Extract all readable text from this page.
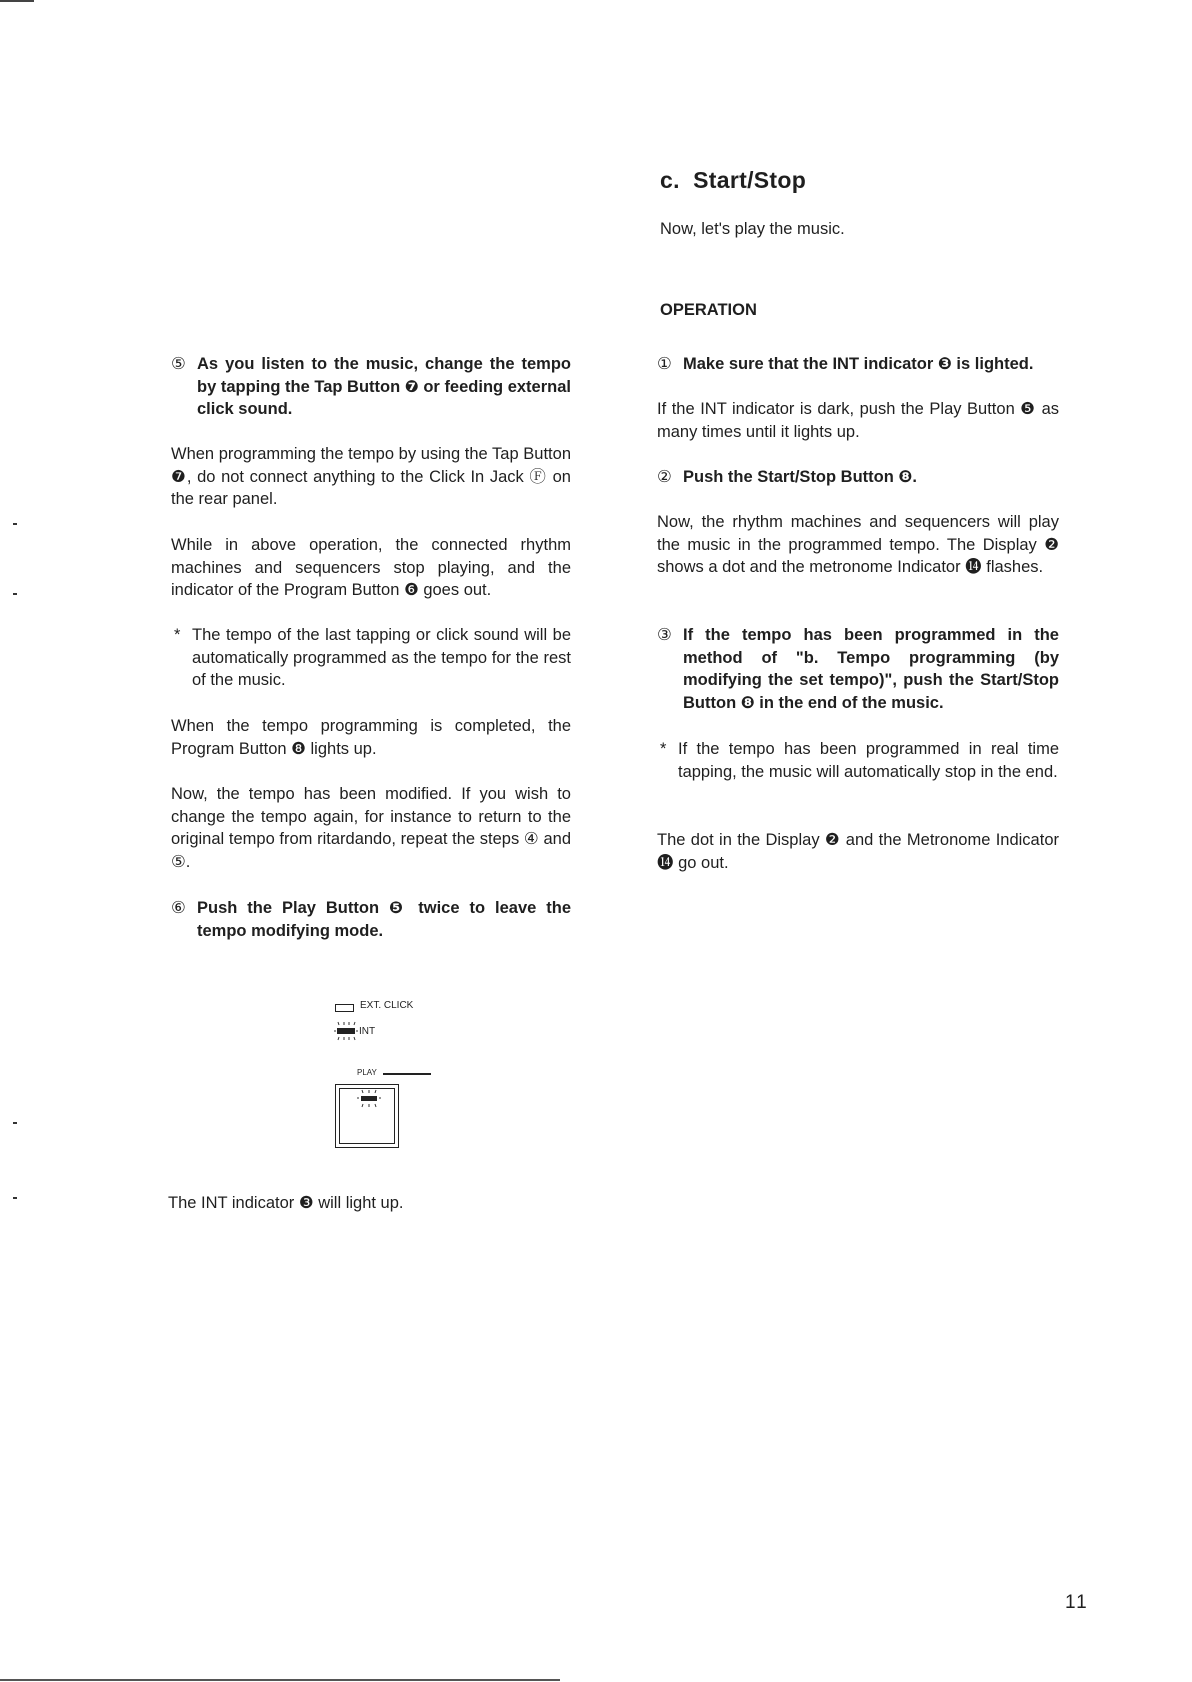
⑤ As you listen to the music, change the tempo by tapping the Tap Button ❼ or feeding external click sound.

When programming the tempo by using the Tap Button ❼, do not connect anything to the Click In Jack Ⓕ on the rear panel.

While in above operation, the connected rhythm machines and sequencers stop playing, and the indicator of the Program Button ❻ goes out.

* The tempo of the last tapping or click sound will be automatically programmed as the tempo for the rest of the music.

When the tempo programming is completed, the Program Button ❽ lights up.

Now, the tempo has been modified. If you wish to change the tempo again, for instance to return to the original tempo from ritardando, repeat the steps ④ and ⑤.

⑥ Push the Play Button ❺ twice to leave the tempo modifying mode.
EXT. CLICK
INT
PLAY

The INT indicator ❸ will light up.

c.  Start/Stop

Now, let's play the music.

OPERATION
① Make sure that the INT indicator ❸ is lighted.

If the INT indicator is dark, push the Play Button ❺ as many times until it lights up.

② Push the Start/Stop Button ❽.

Now, the rhythm machines and sequencers will play the music in the programmed tempo. The Display ❷ shows a dot and the metronome Indicator ⓮ flashes.

③ If the tempo has been programmed in the method of "b. Tempo programming (by modifying the set tempo)", push the Start/Stop Button ❽ in the end of the music.
* If the tempo has been programmed in real time tapping, the music will automatically stop in the end.

The dot in the Display ❷ and the Metronome Indicator ⓮ go out.

11
